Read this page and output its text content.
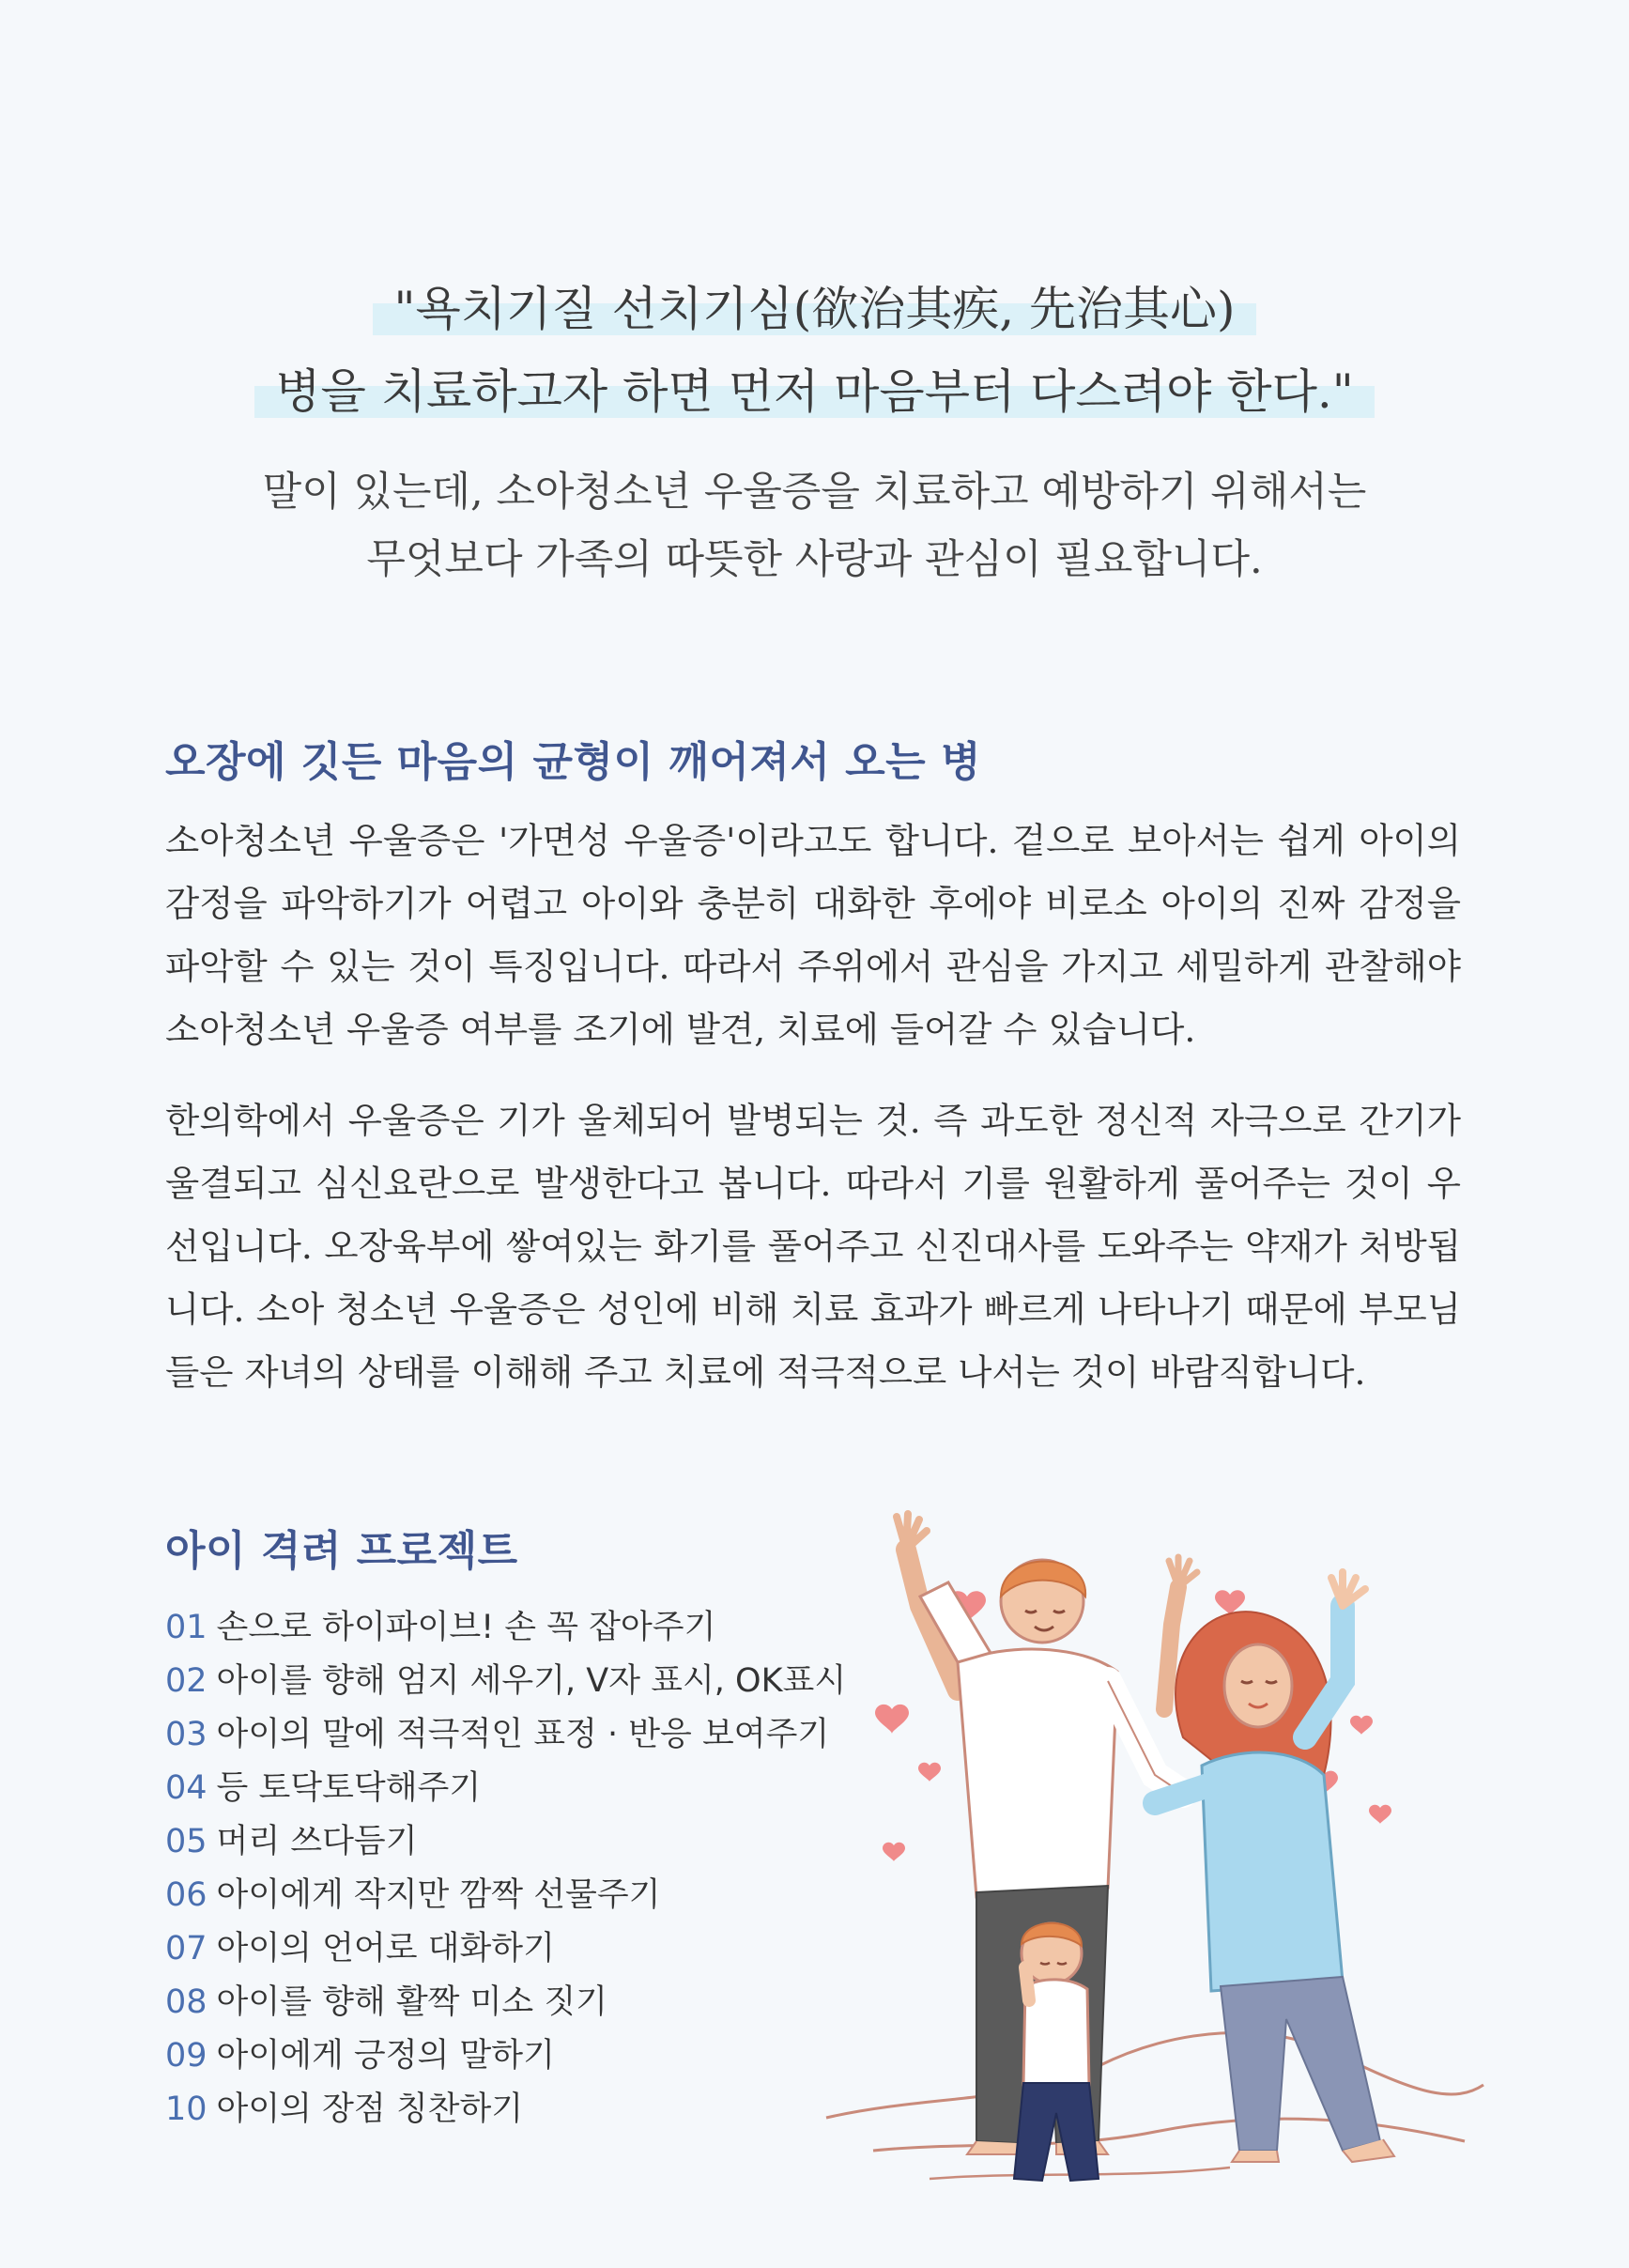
"욕치기질 선치기심(欲治其疾, 先治其心)
병을 치료하고자 하면 먼저 마음부터 다스려야 한다."
말이 있는데, 소아청소년 우울증을 치료하고 예방하기 위해서는
무엇보다 가족의 따뜻한 사랑과 관심이 필요합니다.
오장에 깃든 마음의 균형이 깨어져서 오는 병

소아청소년 우울증은 '가면성 우울증'이라고도 합니다. 겉으로 보아서는 쉽게 아이의 감정을 파악하기가 어렵고 아이와 충분히 대화한 후에야 비로소 아이의 진짜 감정을 파악할 수 있는 것이 특징입니다. 따라서 주위에서 관심을 가지고 세밀하게 관찰해야 소아청소년 우울증 여부를 조기에 발견, 치료에 들어갈 수 있습니다.

한의학에서 우울증은 기가 울체되어 발병되는 것. 즉 과도한 정신적 자극으로 간기가 울결되고 심신요란으로 발생한다고 봅니다. 따라서 기를 원활하게 풀어주는 것이 우선입니다. 오장육부에 쌓여있는 화기를 풀어주고 신진대사를 도와주는 약재가 처방됩니다. 소아 청소년 우울증은 성인에 비해 치료 효과가 빠르게 나타나기 때문에 부모님들은 자녀의 상태를 이해해 주고 치료에 적극적으로 나서는 것이 바람직합니다.

아이 격려 프로젝트
01 손으로 하이파이브! 손 꼭 잡아주기
02 아이를 향해 엄지 세우기, V자 표시, OK표시
03 아이의 말에 적극적인 표정 · 반응 보여주기
04 등 토닥토닥해주기
05 머리 쓰다듬기
06 아이에게 작지만 깜짝 선물주기
07 아이의 언어로 대화하기
08 아이를 향해 활짝 미소 짓기
09 아이에게 긍정의 말하기
10 아이의 장점 칭찬하기
